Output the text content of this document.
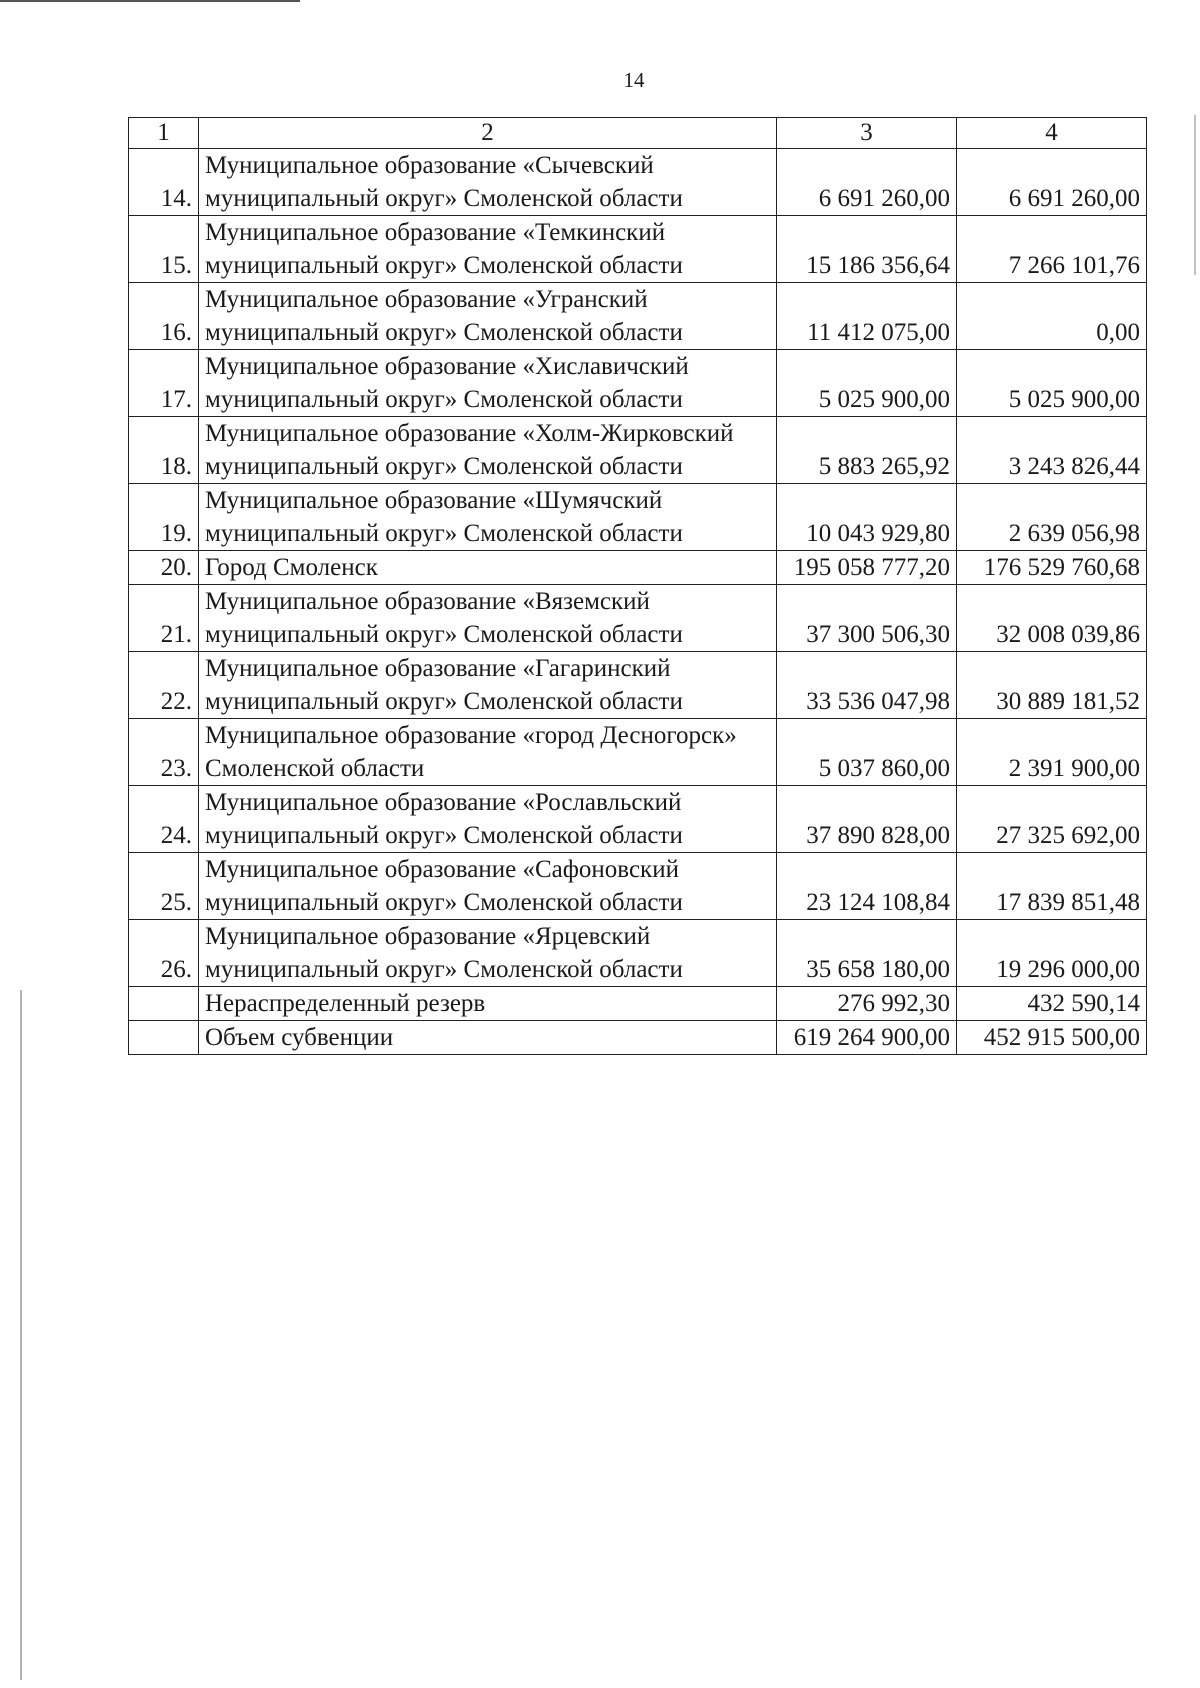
14
1	2	3	4
14.	Муниципальное образование «Сычевский муниципальный округ» Смоленской области	6 691 260,00	6 691 260,00
15.	Муниципальное образование «Темкинский муниципальный округ» Смоленской области	15 186 356,64	7 266 101,76
16.	Муниципальное образование «Угранский муниципальный округ» Смоленской области	11 412 075,00	0,00
17.	Муниципальное образование «Хиславичский муниципальный округ» Смоленской области	5 025 900,00	5 025 900,00
18.	Муниципальное образование «Холм-Жирковский муниципальный округ» Смоленской области	5 883 265,92	3 243 826,44
19.	Муниципальное образование «Шумячский муниципальный округ» Смоленской области	10 043 929,80	2 639 056,98
20.	Город Смоленск	195 058 777,20	176 529 760,68
21.	Муниципальное образование «Вяземский муниципальный округ» Смоленской области	37 300 506,30	32 008 039,86
22.	Муниципальное образование «Гагаринский муниципальный округ» Смоленской области	33 536 047,98	30 889 181,52
23.	Муниципальное образование «город Десногорск» Смоленской области	5 037 860,00	2 391 900,00
24.	Муниципальное образование «Рославльский муниципальный округ» Смоленской области	37 890 828,00	27 325 692,00
25.	Муниципальное образование «Сафоновский муниципальный округ» Смоленской области	23 124 108,84	17 839 851,48
26.	Муниципальное образование «Ярцевский муниципальный округ» Смоленской области	35 658 180,00	19 296 000,00
	Нераспределенный резерв	276 992,30	432 590,14
	Объем субвенции	619 264 900,00	452 915 500,00
